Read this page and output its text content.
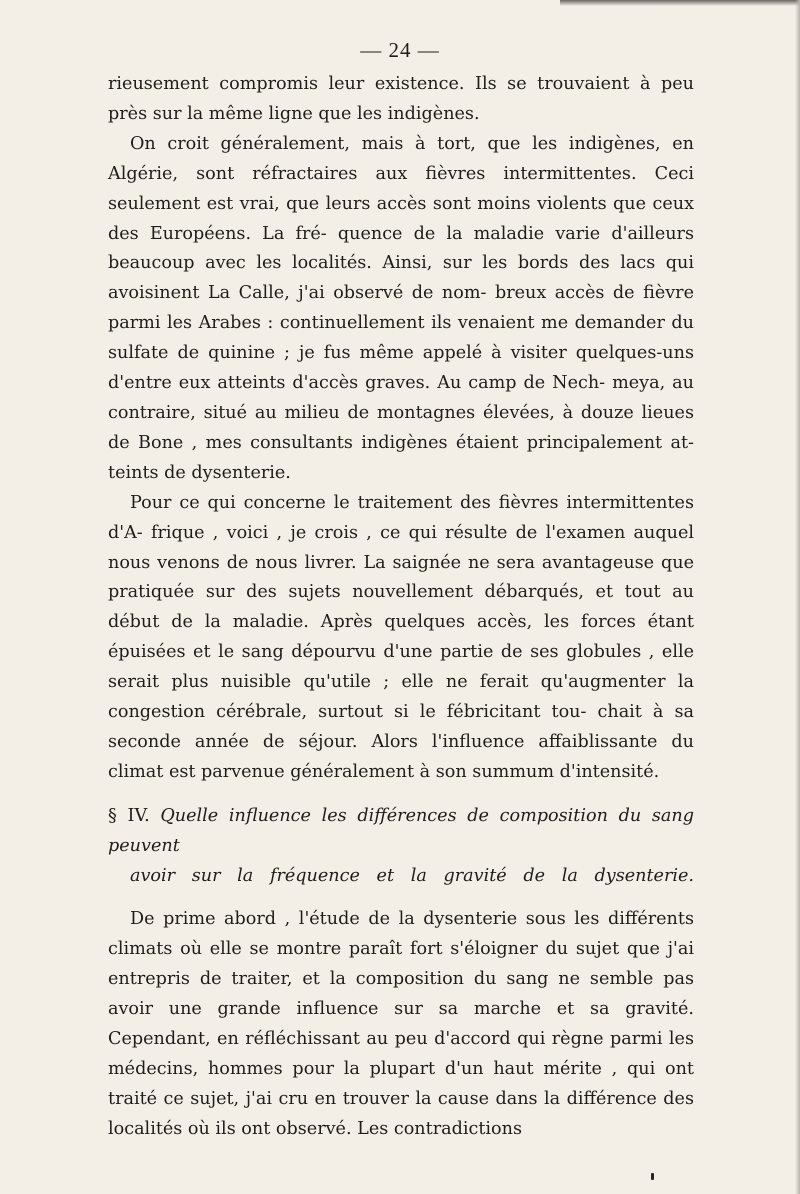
— 24 —

rieusement compromis leur existence. Ils se trouvaient à peu près sur la même ligne que les indigènes.

On croit généralement, mais à tort, que les indigènes, en Algérie, sont réfractaires aux fièvres intermittentes. Ceci seulement est vrai, que leurs accès sont moins violents que ceux des Européens. La fré- quence de la maladie varie d'ailleurs beaucoup avec les localités. Ainsi, sur les bords des lacs qui avoisinent La Calle, j'ai observé de nom- breux accès de fièvre parmi les Arabes : continuellement ils venaient me demander du sulfate de quinine ; je fus même appelé à visiter quelques-uns d'entre eux atteints d'accès graves. Au camp de Nech- meya, au contraire, situé au milieu de montagnes élevées, à douze lieues de Bone , mes consultants indigènes étaient principalement at- teints de dysenterie.

Pour ce qui concerne le traitement des fièvres intermittentes d'A- frique , voici , je crois , ce qui résulte de l'examen auquel nous venons de nous livrer. La saignée ne sera avantageuse que pratiquée sur des sujets nouvellement débarqués, et tout au début de la maladie. Après quelques accès, les forces étant épuisées et le sang dépourvu d'une partie de ses globules , elle serait plus nuisible qu'utile ; elle ne ferait qu'augmenter la congestion cérébrale, surtout si le fébricitant tou- chait à sa seconde année de séjour. Alors l'influence affaiblissante du climat est parvenue généralement à son summum d'intensité.

§ IV. Quelle influence les différences de composition du sang peuvent
avoir sur la fréquence et la gravité de la dysenterie.

De prime abord , l'étude de la dysenterie sous les différents climats où elle se montre paraît fort s'éloigner du sujet que j'ai entrepris de traiter, et la composition du sang ne semble pas avoir une grande influence sur sa marche et sa gravité. Cependant, en réfléchissant au peu d'accord qui règne parmi les médecins, hommes pour la plupart d'un haut mérite , qui ont traité ce sujet, j'ai cru en trouver la cause dans la différence des localités où ils ont observé. Les contradictions
